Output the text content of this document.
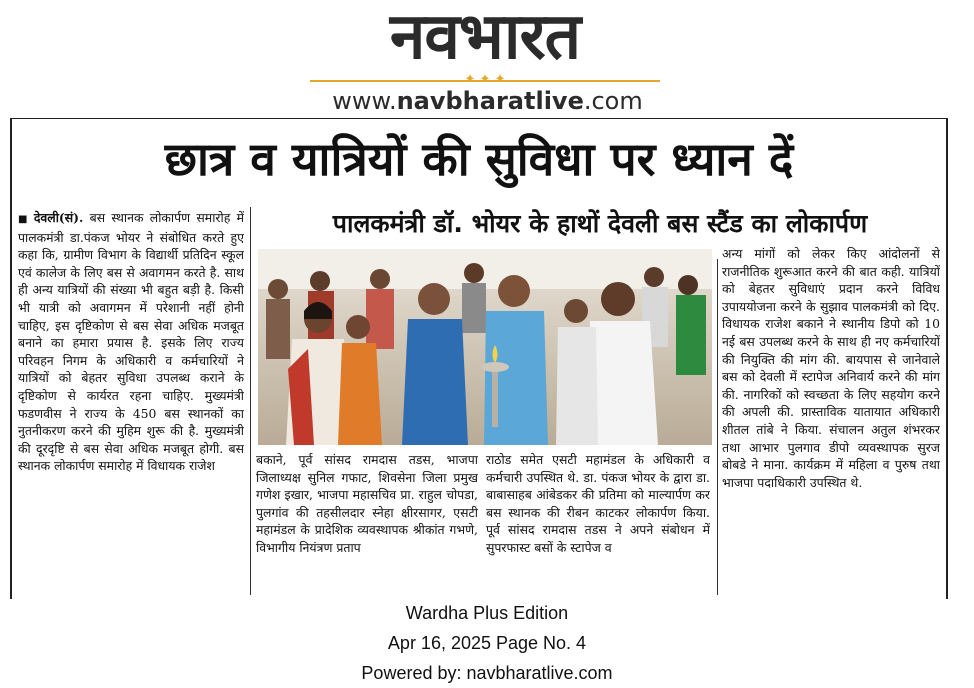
नवभारत
www.navbharatlive.com
छात्र व यात्रियों की सुविधा पर ध्यान दें
■ देवली(सं). बस स्थानक लोकार्पण समारोह में पालकमंत्री डा.पंकज भोयर ने संबोधित करते हुए कहा कि, ग्रामीण विभाग के विद्यार्थी प्रतिदिन स्कूल एवं कालेज के लिए बस से अवागमन करते है. साथ ही अन्य यात्रियों की संख्या भी बहुत बड़ी है. किसी भी यात्री को अवागमन में परेशानी नहीं होनी चाहिए, इस दृष्टिकोण से बस सेवा अधिक मजबूत बनाने का हमारा प्रयास है. इसके लिए राज्य परिवहन निगम के अधिकारी व कर्मचारियों ने यात्रियों को बेहतर सुविधा उपलब्ध कराने के दृष्टिकोण से कार्यरत रहना चाहिए. मुख्यमंत्री फडणवीस ने राज्य के 450 बस स्थानकों का नुतनीकरण करने की मुहिम शुरू की है. मुख्यमंत्री की दूरदृष्टि से बस सेवा अधिक मजबूत होगी. बस स्थानक लोकार्पण समारोह में विधायक राजेश
पालकमंत्री डॉ. भोयर के हाथों देवली बस स्टैंड का लोकार्पण
बकाने, पूर्व सांसद रामदास तडस, भाजपा जिलाध्यक्ष सुनिल गफाट, शिवसेना जिला प्रमुख गणेश इखार, भाजपा महासचिव प्रा. राहुल चोपडा, पुलगांव की तहसीलदार स्नेहा क्षीरसागर, एसटी महामंडल के प्रादेशिक व्यवस्थापक श्रीकांत गभणे, विभागीय नियंत्रण प्रताप
राठोड समेत एसटी महामंडल के अधिकारी व कर्मचारी उपस्थित थे. डा. पंकज भोयर के द्वारा डा. बाबासाहब आंबेडकर की प्रतिमा को माल्यार्पण कर बस स्थानक की रीबन काटकर लोकार्पण किया. पूर्व सांसद रामदास तडस ने अपने संबोधन में सुपरफास्ट बसों के स्टापेज व
अन्य मांगों को लेकर किए आंदोलनों से राजनीतिक शुरूआत करने की बात कही. यात्रियों को बेहतर सुविधाएं प्रदान करने विविध उपाययोजना करने के सुझाव पालकमंत्री को दिए. विधायक राजेश बकाने ने स्थानीय डिपो को 10 नई बस उपलब्ध करने के साथ ही नए कर्मचारियों की नियुक्ति की मांग की. बायपास से जानेवाले बस को देवली में स्टापेज अनिवार्य करने की मांग की. नागरिकों को स्वच्छता के लिए सहयोग करने की अपली की. प्रास्ताविक यातायात अधिकारी शीतल तांबे ने किया. संचालन अतुल शंभरकर तथा आभार पुलगाव डीपो व्यवस्थापक सुरज बोबडे ने माना. कार्यक्रम में महिला व पुरुष तथा भाजपा पदाधिकारी उपस्थित थे.
Wardha Plus Edition
Apr 16, 2025 Page No. 4
Powered by: navbharatlive.com
